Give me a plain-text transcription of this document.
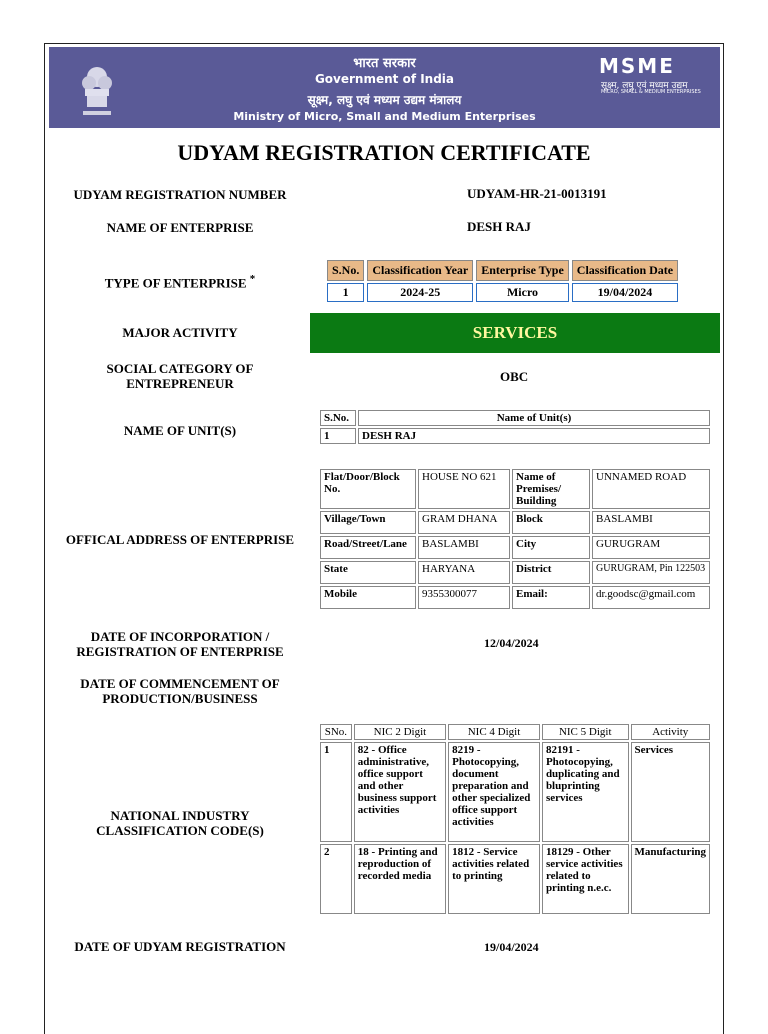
भारत सरकार
Government of India
सूक्ष्म, लघु एवं मध्यम उद्यम मंत्रालय
Ministry of Micro, Small and Medium Enterprises
MSME
सूक्ष्म, लघु एवं मध्यम उद्यम
MICRO, SMALL & MEDIUM ENTERPRISES
UDYAM REGISTRATION CERTIFICATE
UDYAM REGISTRATION NUMBER	UDYAM-HR-21-0013191
NAME OF ENTERPRISE	DESH RAJ
TYPE OF ENTERPRISE *
S.No.	Classification Year	Enterprise Type	Classification Date
1	2024-25	Micro	19/04/2024
MAJOR ACTIVITY	SERVICES
SOCIAL CATEGORY OF
ENTREPRENEUR	OBC
NAME OF UNIT(S)
S.No.	Name of Unit(s)
1	DESH RAJ
OFFICAL ADDRESS OF ENTERPRISE
Flat/Door/Block No.	HOUSE NO 621	Name of Premises/ Building	UNNAMED ROAD
Village/Town	GRAM DHANA	Block	BASLAMBI
Road/Street/Lane	BASLAMBI	City	GURUGRAM
State	HARYANA	District	GURUGRAM, Pin 122503
Mobile	9355300077	Email:	dr.goodsc@gmail.com
DATE OF INCORPORATION /
REGISTRATION OF ENTERPRISE
12/04/2024
DATE OF COMMENCEMENT OF
PRODUCTION/BUSINESS
NATIONAL INDUSTRY
CLASSIFICATION CODE(S)
SNo.	NIC 2 Digit	NIC 4 Digit	NIC 5 Digit	Activity
1	82 - Office administrative, office support and other business support activities	8219 - Photocopying, document preparation and other specialized office support activities	82191 - Photocopying, duplicating and bluprinting services	Services
2	18 - Printing and reproduction of recorded media	1812 - Service activities related to printing	18129 - Other service activities related to printing n.e.c.	Manufacturing
DATE OF UDYAM REGISTRATION	19/04/2024
